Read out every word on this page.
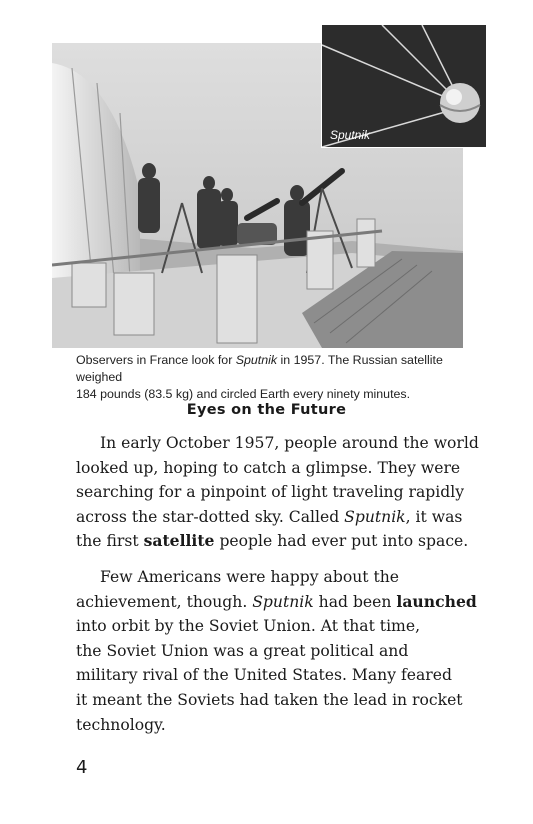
Sputnik
Observers in France look for Sputnik in 1957. The Russian satellite weighed
184 pounds (83.5 kg) and circled Earth every ninety minutes.
Eyes on the Future
In early October 1957, people around the world
looked up, hoping to catch a glimpse. They were
searching for a pinpoint of light traveling rapidly
across the star-dotted sky. Called Sputnik, it was
the first satellite people had ever put into space.
Few Americans were happy about the
achievement, though. Sputnik had been launched
into orbit by the Soviet Union. At that time,
the Soviet Union was a great political and
military rival of the United States. Many feared
it meant the Soviets had taken the lead in rocket
technology.
4
